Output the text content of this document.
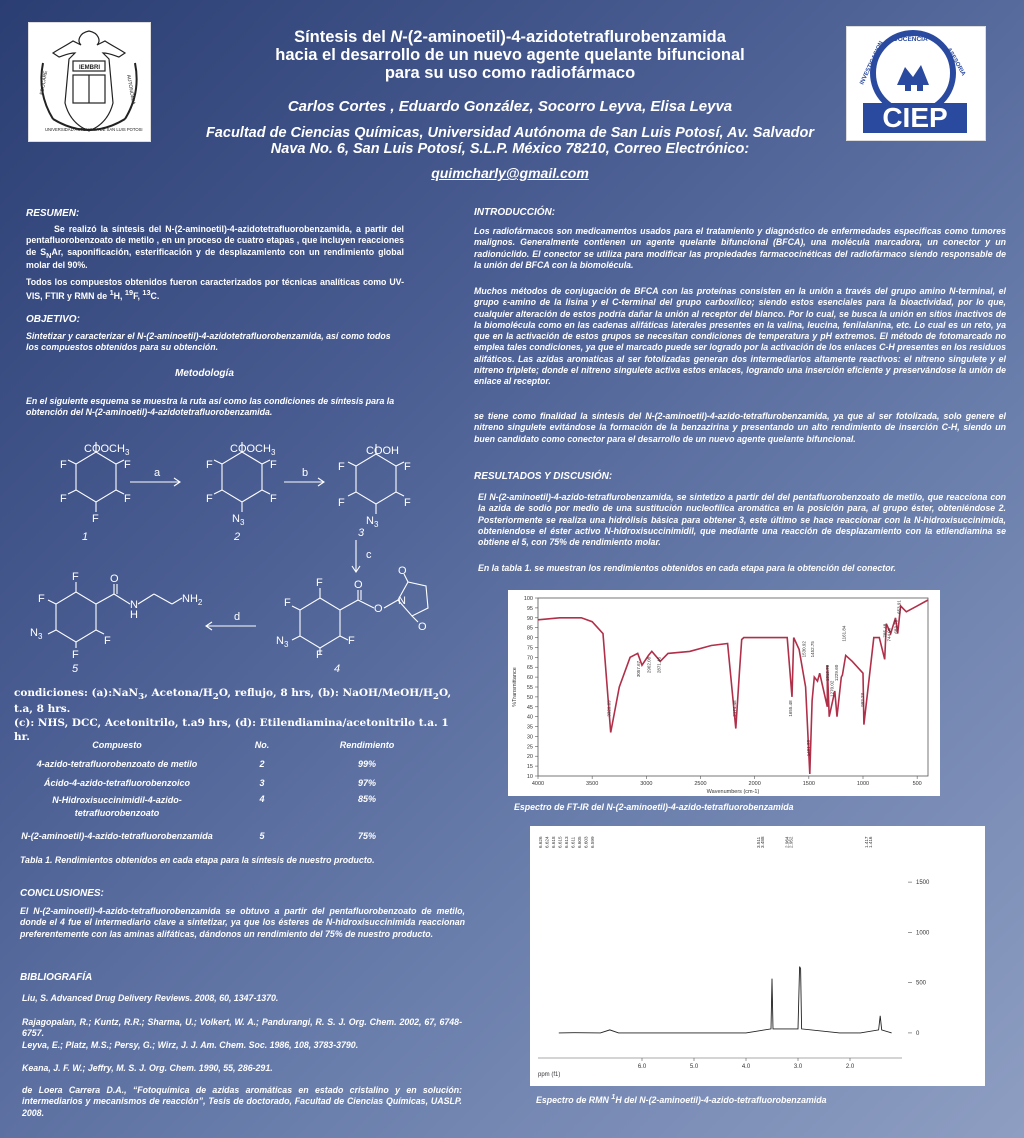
IEMBRI
EDUCARE	AUTONOMIA
UNIVERSIDAD AUTONOMA DE SAN LUIS POTOSI
DOCENCIA
INVESTIGACION	ASESORIA
CIEP
Síntesis del N-(2-aminoetil)-4-azidotetraflurobenzamida
hacia el desarrollo de un nuevo agente quelante bifuncional
para su uso como radiofármaco
Carlos Cortes , Eduardo González, Socorro Leyva, Elisa Leyva
Facultad de Ciencias Químicas, Universidad Autónoma de San Luis Potosí, Av. Salvador
Nava No. 6, San Luis Potosí, S.L.P. México 78210, Correo Electrónico:
quimcharly@gmail.com
RESUMEN:
Se realizó la síntesis del N-(2-aminoetil)-4-azidotetrafluorobenzamida, a partir del pentafluorobenzoato de metilo , en un proceso de cuatro etapas , que incluyen reacciones de $S_NAr$, saponificación, esterificación y de desplazamiento con un rendimiento global molar del 90%.
Todos los compuestos obtenidos fueron caracterizados por técnicas analíticas como UV-VIS, FTIR y RMN de $^1$H, $^{19}$F, $^{13}$C.
OBJETIVO:
Sintetizar y caracterizar el N-(2-aminoetil)-4-azidotetrafluorobenzamida, así como todos los compuestos obtenidos para su obtención.
Metodología
En el siguiente esquema se muestra la ruta así como las condiciones de síntesis para la obtención del N-(2-aminoetil)-4-azidotetrafluorobenzamida.
$COOCH_3$
F
F
F
F
F
1
a
$COOCH_3$
F
F
F
F
$N_3$
2
b
COOH
F
F
F
F
$N_3$
3
c
F
F
F
$N_3$
F
O
N
H
$NH_2$
5
d
F
F
F
$N_3$
F
O
O
N
O
O
4
condiciones: (a):NaN$_3$, Acetona/$H_2O$, reflujo, 8 hrs, (b): NaOH/$MeOH/H_2O$, t.a, 8 hrs.
(c): NHS, DCC, Acetonitrilo, t.a9 hrs, (d): Etilendiamina/acetonitrilo t.a. 1 hr.
Compuesto	No.	Rendimiento
4-azido-tetrafluorobenzoato de metilo	2	99%
Ácido-4-azido-tetrafluorobenzoico	3	97%
N-Hidroxisuccinimidil-4-azido-tetrafluorobenzoato	4	85%
N-(2-aminoetil)-4-azido-tetrafluorobenzamida	5	75%
Tabla 1. Rendimientos obtenidos en cada etapa para la síntesis de nuestro producto.
CONCLUSIONES:
El N-(2-aminoetil)-4-azido-tetrafluorobenzamida se obtuvo a partir del pentafluorobenzoato de metilo, donde el 4 fue el intermediario clave a sintetizar, ya que los ésteres de N-hidroxisuccinimida reaccionan preferentemente con las aminas alifáticas, dándonos un rendimiento del 75% de nuestro producto.
BIBLIOGRAFÍA
Liu, S. Advanced Drug Delivery Reviews. 2008, 60, 1347-1370.
Rajagopalan, R.; Kuntz, R.R.; Sharma, U.; Volkert, W. A.; Pandurangi, R. S. J. Org. Chem. 2002, 67, 6748-6757.
Leyva, E.; Platz, M.S.; Persy, G.; Wirz, J. J. Am. Chem. Soc. 1986, 108, 3783-3790.
Keana, J. F. W.; Jeffry, M. S. J. Org. Chem. 1990, 55, 286-291.
de Loera Carrera D.A., “Fotoquímica de azidas aromáticas en estado cristalino y en solución: intermediarios y mecanismos de reacción”, Tesis de doctorado, Facultad de Ciencias Químicas, UASLP. 2008.
INTRODUCCIÓN:
Los radiofármacos son medicamentos usados para el tratamiento y diagnóstico de enfermedades especificas como tumores malignos. Generalmente contienen un agente quelante bifuncional (BFCA), una molécula marcadora, un conector y un radionúclido. El conector se utiliza para modificar las propiedades farmacocinéticas del radiofármaco siendo responsable de la unión del BFCA con la biomolécula.
Muchos métodos de conjugación de BFCA con las proteínas consisten en la unión a través del grupo amino N-terminal, el grupo ε-amino de la lisina y el C-terminal del grupo carboxílico; siendo estos esenciales para la bioactividad, por lo que, cualquier alteración de estos podría dañar la unión al receptor del blanco. Por lo cual, se busca la unión en sitios inactivos de la biomolécula como en las cadenas alifáticas laterales presentes en la valina, leucina, fenilalanina, etc. Lo cual es un reto, ya que en la activación de estos grupos se necesitan condiciones de temperatura y pH extremos. El método de fotomarcado no emplea tales condiciones, ya que el marcado puede ser logrado por la activación de los enlaces C-H presentes en los residuos alifáticos. Las azidas aromaticas al ser fotolizadas generan dos intermediarios altamente reactivos: el nitreno singulete y el nitreno triplete; donde el nitreno singulete activa estos enlaces, logrando una inserción eficiente y preservándose la unión de enlace al receptor.
se tiene como finalidad la síntesis del N-(2-aminoetil)-4-azido-tetraflurobenzamida, ya que al ser fotolizada, solo genere el nitreno singulete evitándose la formación de la benzazirina y presentando un alto rendimiento de inserción C-H, siendo un buen candidato como conector para el desarrollo de un nuevo agente quelante bifuncional.
RESULTADOS Y DISCUSIÓN:
El N-(2-aminoetil)-4-azido-tetraflurobenzamida, se sintetizo a partir del del pentafluorobenzoato de metilo, que reacciona con la azida de sodio por medio de una sustitución nucleofílica aromática en la posición para, al grupo éster, obteniéndose 2. Posteriormente se realiza una hidrólisis básica para obtener 3, este último se hace reaccionar con la N-hidroxisuccinimida, obteniendose el éster activo N-hidroxisuccinimidil, que mediante una reacción de desplazamiento con la etilendiamina se obtiene el 5, con 75% de rendimiento molar.
En la tabla 1. se muestran los rendimientos obtenidos en cada etapa para la obtención del conector.
10
15
20
25
30
35
40
45
50
55
60
65
70
75
80
85
90
95
100
4000	3500	3000	2500	2000	1500	1000	500
Wavenumbers (cm-1)
%Transmittance
3329.69
3057.67 2962.08 2871.45
2174.48	1655.48
1530.92
1491.93
1452.75
1312.78
1270.02
1229.60
1161.84
992.23
785.48 744.06
653.91
683.78
Espectro de FT-IR del N-(2-aminoetil)-4-azido-tetrafluorobenzamida
0
500
1000
1500
6.0	5.0	4.0	3.0	2.0
ppm (f1)
6.626 6.624 6.618 6.615 6.613 6.611 6.605 6.603 6.599	3.511 3.488	2.964 2.952	1.417 1.416
Espectro de RMN $^1$H del N-(2-aminoetil)-4-azido-tetrafluorobenzamida
